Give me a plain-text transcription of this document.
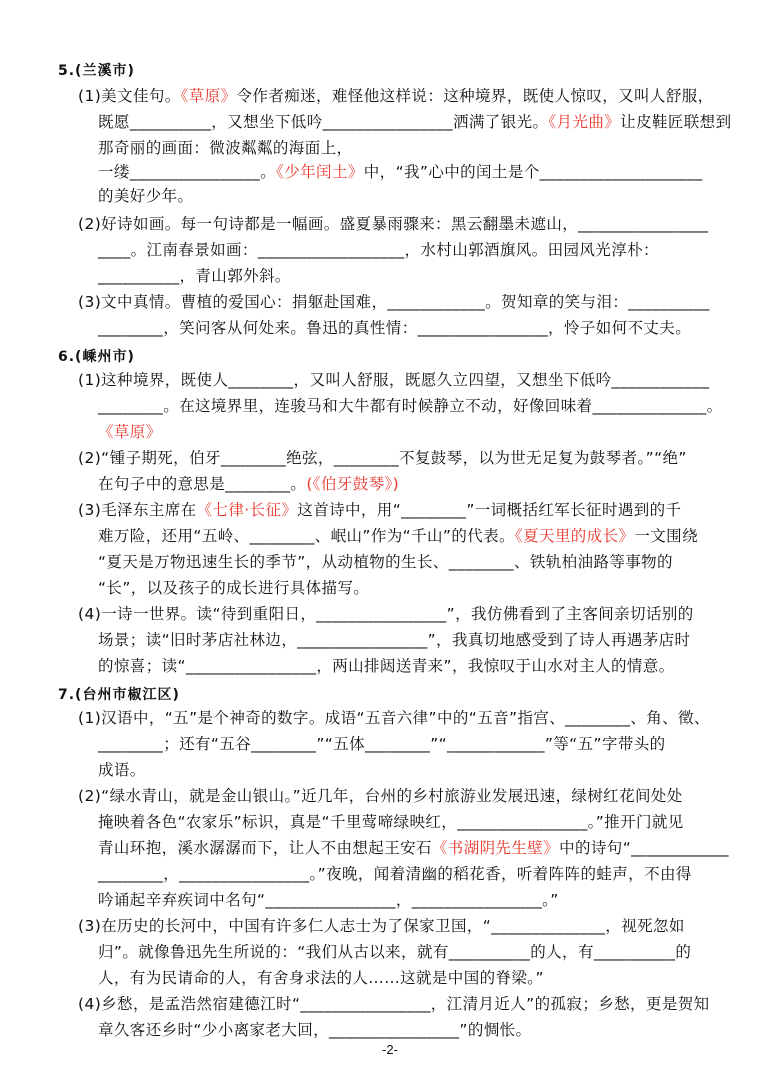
5.(兰溪市)
(1)美文佳句。《草原》令作者痴迷，难怪他这样说：这种境界，既使人惊叹，又叫人舒服，
既愿__________，又想坐下低吟________________洒满了银光。《月光曲》让皮鞋匠联想到
那奇丽的画面：微波粼粼的海面上，
一缕________________。《少年闰土》中，“我”心中的闰土是个____________________
的美好少年。
(2)好诗如画。每一句诗都是一幅画。盛夏暴雨骤来：黑云翻墨未遮山，________________
____。江南春景如画：__________________，水村山郭酒旗风。田园风光淳朴：
__________，青山郭外斜。
(3)文中真情。曹植的爱国心：捐躯赴国难，____________。贺知章的笑与泪：__________
________，笑问客从何处来。鲁迅的真性情：________________，怜子如何不丈夫。
6.(嵊州市)
(1)这种境界，既使人________，又叫人舒服，既愿久立四望，又想坐下低吟____________
________。在这境界里，连骏马和大牛都有时候静立不动，好像回味着______________。
《草原》
(2)“锺子期死，伯牙________绝弦，________不复鼓琴，以为世无足复为鼓琴者。”“绝”
在句子中的意思是________。(《伯牙鼓琴》)
(3)毛泽东主席在《七律·长征》这首诗中，用“________”一词概括红军长征时遇到的千
难万险，还用“五岭、________、岷山”作为“千山”的代表。《夏天里的成长》一文围绕
“夏天是万物迅速生长的季节”，从动植物的生长、________、铁轨柏油路等事物的
“长”，以及孩子的成长进行具体描写。
(4)一诗一世界。读“待到重阳日，________________”，我仿佛看到了主客间亲切话别的
场景；读“旧时茅店社林边，________________”，我真切地感受到了诗人再遇茅店时
的惊喜；读“________________，两山排闼送青来”，我惊叹于山水对主人的情意。
7.(台州市椒江区)
(1)汉语中，“五”是个神奇的数字。成语“五音六律”中的“五音”指宫、________、角、徵、
________；还有“五谷________”“五体________”“____________”等“五”字带头的
成语。
(2)“绿水青山，就是金山银山。”近几年，台州的乡村旅游业发展迅速，绿树红花间处处
掩映着各色“农家乐”标识，真是“千里莺啼绿映红，________________。”推开门就见
青山环抱，溪水潺潺而下，让人不由想起王安石《书湖阴先生壁》中的诗句“____________
________，________________。”夜晚，闻着清幽的稻花香，听着阵阵的蛙声，不由得
吟诵起辛弃疾词中名句“________________，________________。”
(3)在历史的长河中，中国有许多仁人志士为了保家卫国，“______________，视死忽如
归”。就像鲁迅先生所说的：“我们从古以来，就有__________的人，有__________的
人，有为民请命的人，有舍身求法的人……这就是中国的脊梁。”
(4)乡愁，是孟浩然宿建德江时“________________，江清月近人”的孤寂；乡愁，更是贺知
章久客还乡时“少小离家老大回，________________”的惆怅。
-2-
